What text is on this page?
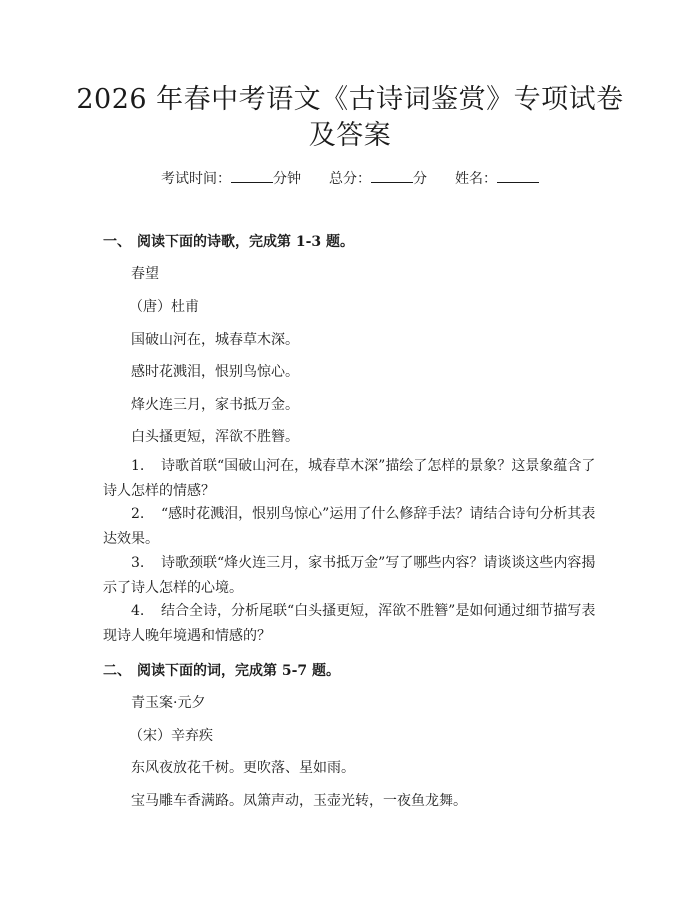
2026 年春中考语文《古诗词鉴赏》专项试卷
及答案
考试时间：	分钟 总分：	分 姓名：
一、 阅读下面的诗歌，完成第 1-3 题。
春望
（唐）杜甫
国破山河在，城春草木深。
感时花溅泪，恨别鸟惊心。
烽火连三月，家书抵万金。
白头搔更短，浑欲不胜簪。
1. 诗歌首联“国破山河在，城春草木深”描绘了怎样的景象？这景象蕴含了
诗人怎样的情感？
2. “感时花溅泪，恨别鸟惊心”运用了什么修辞手法？请结合诗句分析其表
达效果。
3. 诗歌颈联“烽火连三月，家书抵万金”写了哪些内容？请谈谈这些内容揭
示了诗人怎样的心境。
4. 结合全诗，分析尾联“白头搔更短，浑欲不胜簪”是如何通过细节描写表
现诗人晚年境遇和情感的？
二、 阅读下面的词，完成第 5-7 题。
青玉案·元夕
（宋）辛弃疾
东风夜放花千树。更吹落、星如雨。
宝马雕车香满路。凤箫声动，玉壶光转，一夜鱼龙舞。
